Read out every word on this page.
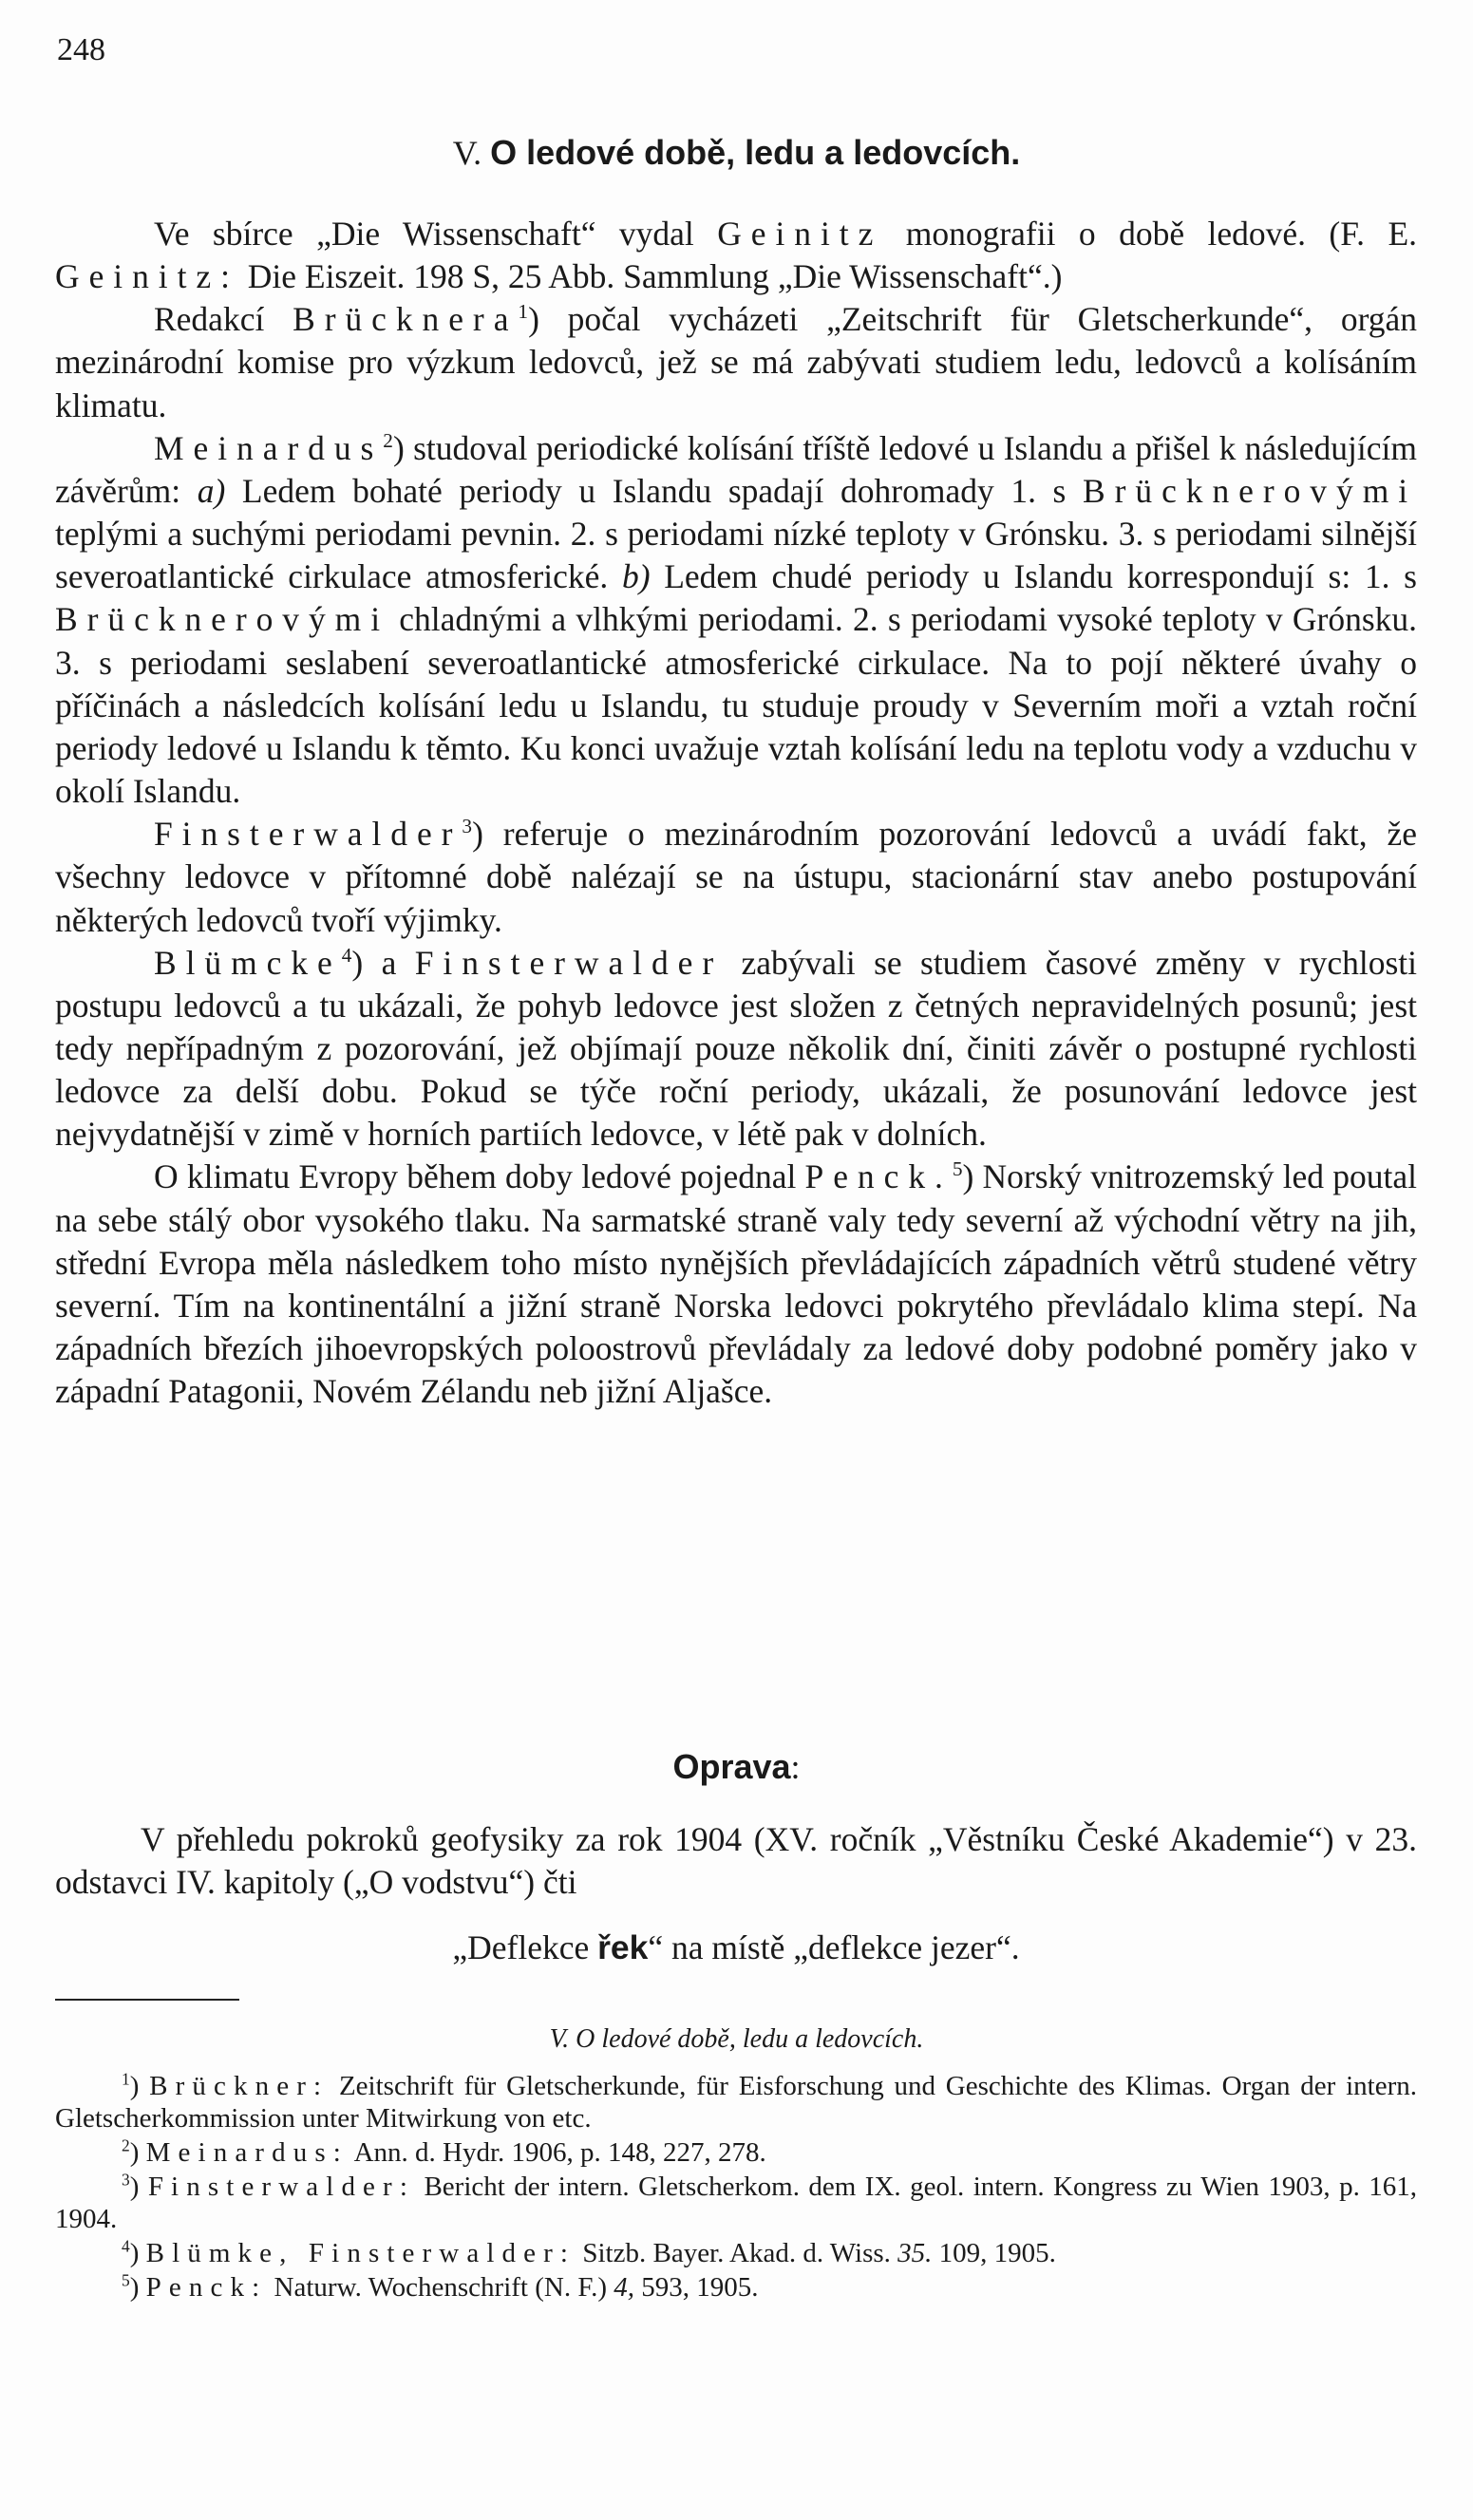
248
V. O ledové době, ledu a ledovcích.

Ve sbírce „Die Wissenschaft“ vydal Geinitz monografii o době ledové. (F. E. Geinitz: Die Eiszeit. 198 S, 25 Abb. Sammlung „Die Wissenschaft“.)

Redakcí Brücknera$^1$) počal vycházeti „Zeitschrift für Gletscherkunde“, orgán mezinárodní komise pro výzkum ledovců, jež se má zabývati studiem ledu, ledovců a kolísáním klimatu.

Meinardus$^2$) studoval periodické kolísání tříště ledové u Islandu a přišel k následujícím závěrům: a) Ledem bohaté periody u Islandu spadají dohromady 1. s Brücknerovými teplými a suchými periodami pevnin. 2. s periodami nízké teploty v Grónsku. 3. s periodami silnější severoatlantické cirkulace atmosferické. b) Ledem chudé periody u Islandu korrespondují s: 1. s Brücknerovými chladnými a vlhkými periodami. 2. s periodami vysoké teploty v Grónsku. 3. s periodami seslabení severoatlantické atmosferické cirkulace. Na to pojí některé úvahy o příčinách a následcích kolísání ledu u Islandu, tu studuje proudy v Severním moři a vztah roční periody ledové u Islandu k těmto. Ku konci uvažuje vztah kolísání ledu na teplotu vody a vzduchu v okolí Islandu.

Finsterwalder$^3$) referuje o mezinárodním pozorování ledovců a uvádí fakt, že všechny ledovce v přítomné době nalézají se na ústupu, stacionární stav anebo postupování některých ledovců tvoří výjimky.

Blümcke$^4$) a Finsterwalder zabývali se studiem časové změny v rychlosti postupu ledovců a tu ukázali, že pohyb ledovce jest složen z četných nepravidelných posunů; jest tedy nepřípadným z pozorování, jež objímají pouze několik dní, činiti závěr o postupné rychlosti ledovce za delší dobu. Pokud se týče roční periody, ukázali, že posunování ledovce jest nejvydatnější v zimě v horních partiích ledovce, v létě pak v dolních.

O klimatu Evropy během doby ledové pojednal Penck.$^5$) Norský vnitrozemský led poutal na sebe stálý obor vysokého tlaku. Na sarmatské straně valy tedy severní až východní větry na jih, střední Evropa měla následkem toho místo nynějších převládajících západních větrů studené větry severní. Tím na kontinentální a jižní straně Norska ledovci pokrytého převládalo klima stepí. Na západních březích jihoevropských poloostrovů převládaly za ledové doby podobné poměry jako v západní Patagonii, Novém Zélandu neb jižní Aljašce.

Oprava:

V přehledu pokroků geofysiky za rok 1904 (XV. ročník „Věstníku České Akademie“) v 23. odstavci IV. kapitoly („O vodstvu“) čti

„Deflekce řek“ na místě „deflekce jezer“.
V. O ledové době, ledu a ledovcích.

$^1$) Brückner: Zeitschrift für Gletscherkunde, für Eisforschung und Geschichte des Klimas. Organ der intern. Gletscherkommission unter Mitwirkung von etc.

$^2$) Meinardus: Ann. d. Hydr. 1906, p. 148, 227, 278.

$^3$) Finsterwalder: Bericht der intern. Gletscherkom. dem IX. geol. intern. Kongress zu Wien 1903, p. 161, 1904.

$^4$) Blümke, Finsterwalder: Sitzb. Bayer. Akad. d. Wiss. 35. 109, 1905.

$^5$) Penck: Naturw. Wochenschrift (N. F.) 4, 593, 1905.
